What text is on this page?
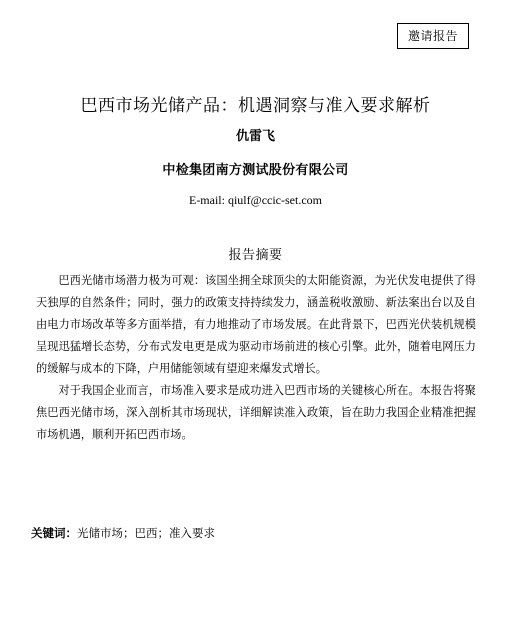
邀请报告
巴西市场光储产品：机遇洞察与准入要求解析
仇雷飞
中检集团南方测试股份有限公司
E-mail: qiulf@ccic-set.com
报告摘要

巴西光储市场潜力极为可观：该国坐拥全球顶尖的太阳能资源，为光伏发电提供了得天独厚的自然条件；同时，强力的政策支持持续发力，涵盖税收激励、新法案出台以及自由电力市场改革等多方面举措，有力地推动了市场发展。在此背景下，巴西光伏装机规模呈现迅猛增长态势，分布式发电更是成为驱动市场前进的核心引擎。此外，随着电网压力的缓解与成本的下降，户用储能领域有望迎来爆发式增长。

对于我国企业而言，市场准入要求是成功进入巴西市场的关键核心所在。本报告将聚焦巴西光储市场，深入剖析其市场现状，详细解读准入政策，旨在助力我国企业精准把握市场机遇，顺利开拓巴西市场。

关键词：光储市场；巴西；准入要求
